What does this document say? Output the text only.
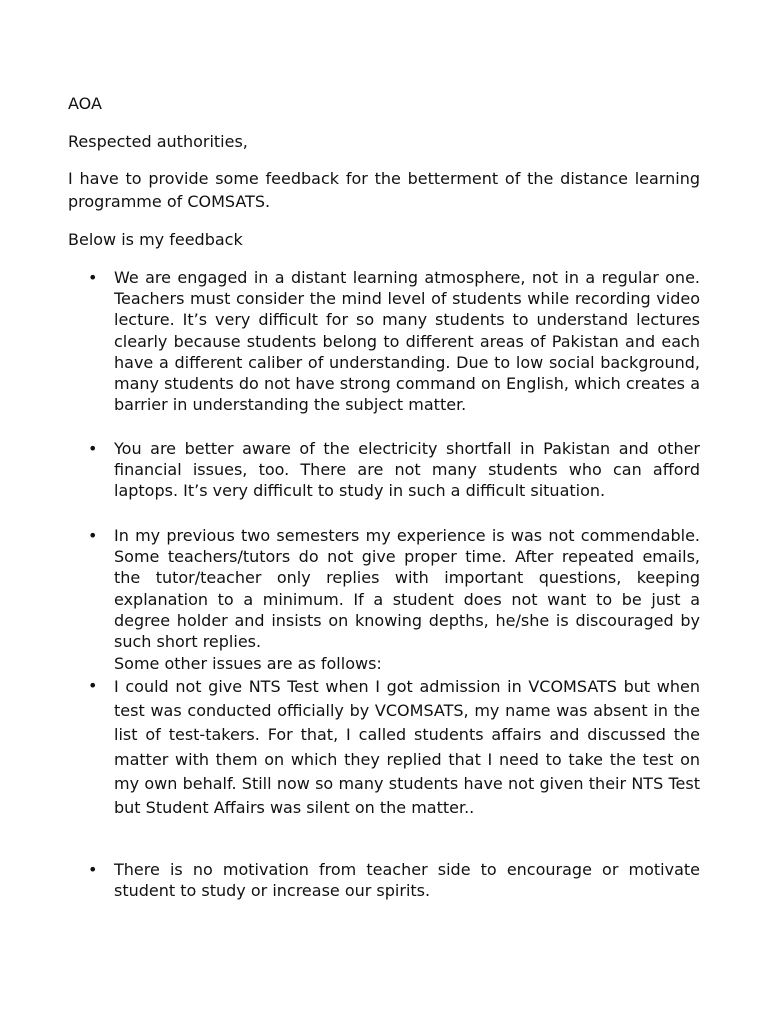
AOA

Respected authorities,

I have to provide some feedback for the betterment of the distance learning programme of COMSATS.

Below is my feedback

• We are engaged in a distant learning atmosphere, not in a regular one. Teachers must consider the mind level of students while recording video lecture. It’s very difficult for so many students to understand lectures clearly because students belong to different areas of Pakistan and each have a different caliber of understanding. Due to low social background, many students do not have strong command on English, which creates a barrier in understanding the subject matter.

• You are better aware of the electricity shortfall in Pakistan and other financial issues, too. There are not many students who can afford laptops. It’s very difficult to study in such a difficult situation.

• In my previous two semesters my experience is was not commendable. Some teachers/tutors do not give proper time. After repeated emails, the tutor/teacher only replies with important questions, keeping explanation to a minimum. If a student does not want to be just a degree holder and insists on knowing depths, he/she is discouraged by such short replies.

Some other issues are as follows:

• I could not give NTS Test when I got admission in VCOMSATS but when test was conducted officially by VCOMSATS, my name was absent in the list of test-takers. For that, I called students affairs and discussed the matter with them on which they replied that I need to take the test on my own behalf. Still now so many students have not given their NTS Test but Student Affairs was silent on the matter..

• There is no motivation from teacher side to encourage or motivate student to study or increase our spirits.
